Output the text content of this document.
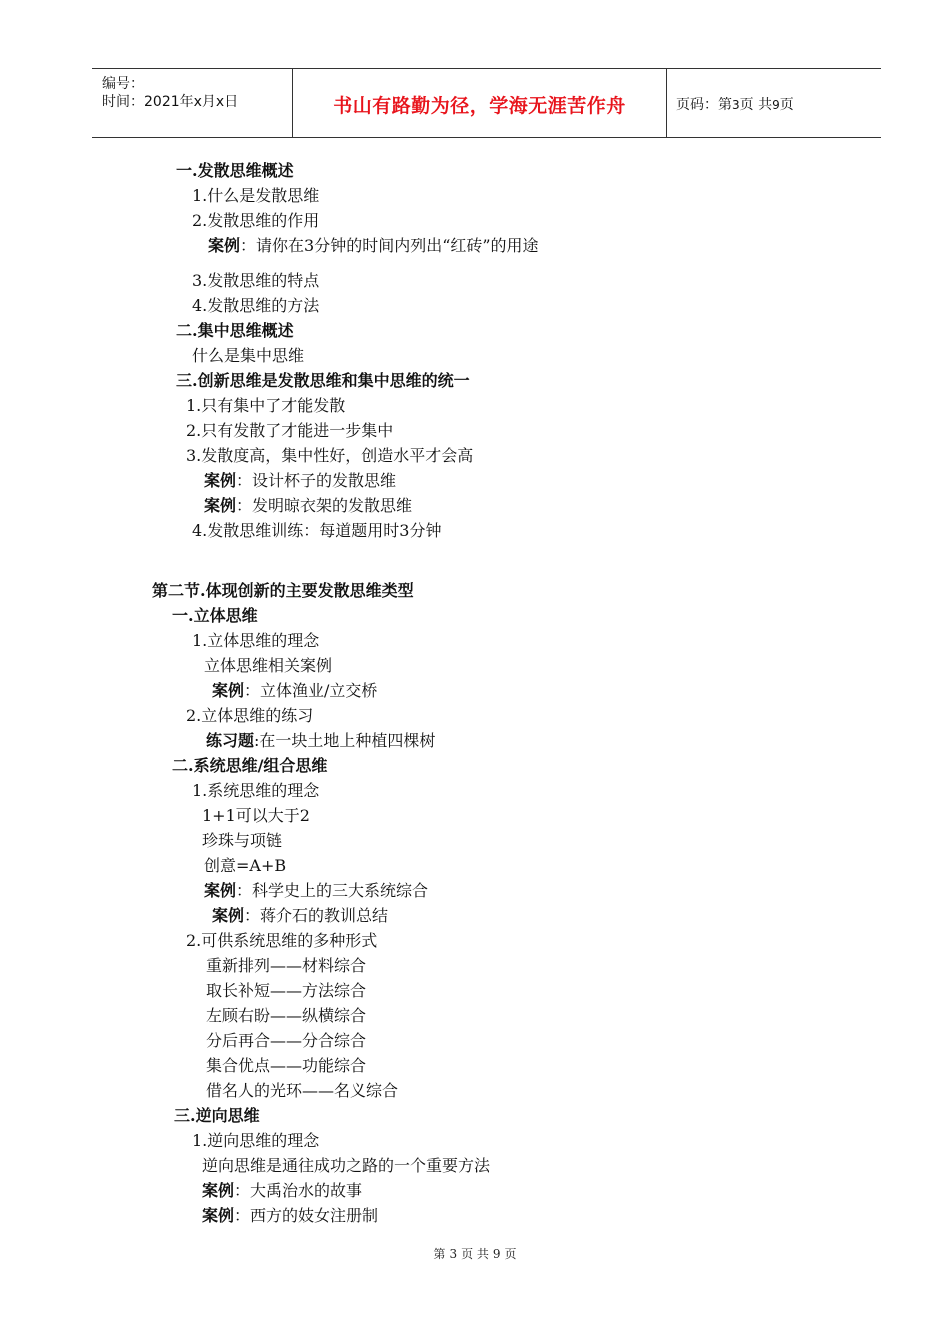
编号：
时间：2021年x月x日	书山有路勤为径，学海无涯苦作舟	页码：第3页 共9页
一.发散思维概述
1.什么是发散思维
2.发散思维的作用
案例：请你在3分钟的时间内列出“红砖”的用途
3.发散思维的特点
4.发散思维的方法
二.集中思维概述
什么是集中思维
三.创新思维是发散思维和集中思维的统一
1.只有集中了才能发散
2.只有发散了才能进一步集中
3.发散度高，集中性好，创造水平才会高
案例：设计杯子的发散思维
案例：发明晾衣架的发散思维
4.发散思维训练：每道题用时3分钟
第二节.体现创新的主要发散思维类型
一.立体思维
1.立体思维的理念
立体思维相关案例
案例：立体渔业/立交桥
2.立体思维的练习
练习题:在一块土地上种植四棵树
二.系统思维/组合思维
1.系统思维的理念
1+1可以大于2
珍珠与项链
创意=A+B
案例：科学史上的三大系统综合
案例：蒋介石的教训总结
2.可供系统思维的多种形式
重新排列——材料综合
取长补短——方法综合
左顾右盼——纵横综合
分后再合——分合综合
集合优点——功能综合
借名人的光环——名义综合
三.逆向思维
1.逆向思维的理念
逆向思维是通往成功之路的一个重要方法
案例：大禹治水的故事
案例：西方的妓女注册制
第 3 页 共 9 页
